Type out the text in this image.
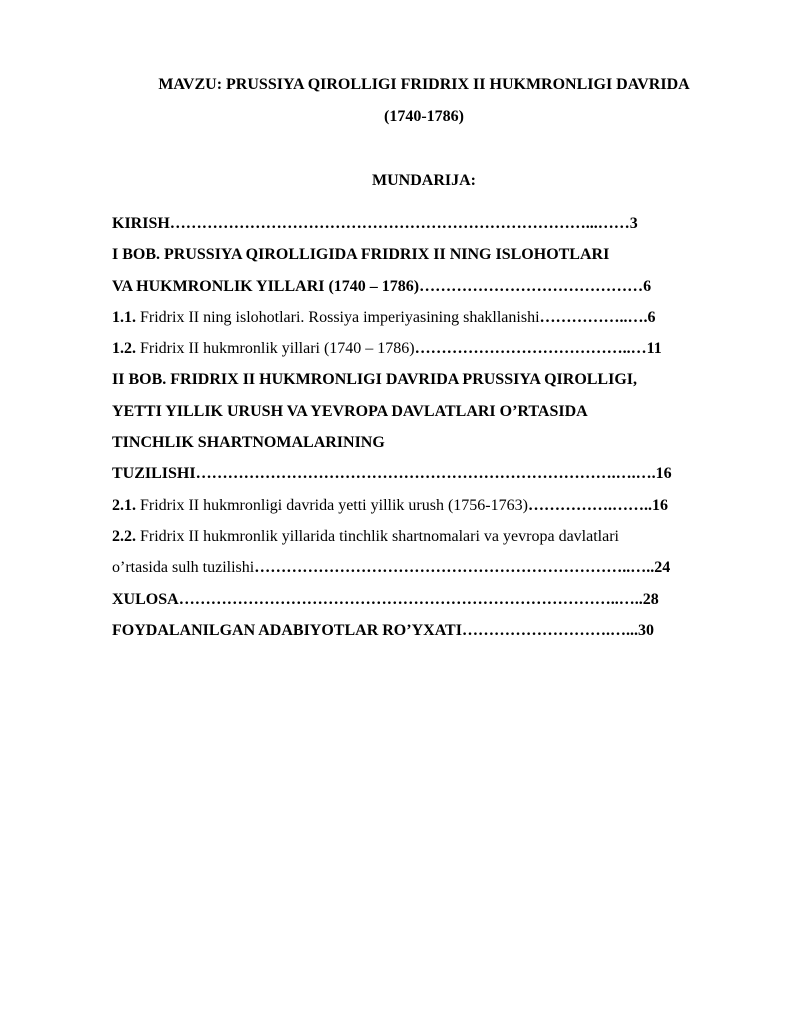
MAVZU: PRUSSIYA QIROLLIGI FRIDRIX II HUKMRONLIGI DAVRIDA
(1740-1786)
MUNDARIJA:
KIRISH……………………………………………………………………...……3
I BOB. PRUSSIYA QIROLLIGIDA FRIDRIX II NING ISLOHOTLARI
VA HUKMRONLIK YILLARI (1740 – 1786)……………………………………6
1.1. Fridrix II ning islohotlari. Rossiya imperiyasining shakllanishi……………..….6
1.2. Fridrix II hukmronlik yillari (1740 – 1786)…………………………………..…11
II BOB. FRIDRIX II HUKMRONLIGI DAVRIDA PRUSSIYA QIROLLIGI,
YETTI YILLIK URUSH VA YEVROPA DAVLATLARI O’RTASIDA
TINCHLIK SHARTNOMALARINING
TUZILISHI…………………………………………………………………….….….16
2.1. Fridrix II hukmronligi davrida yetti yillik urush (1756-1763)…………….……..16
2.2. Fridrix II hukmronlik yillarida tinchlik shartnomalari va yevropa davlatlari
o’rtasida sulh tuzilishi……………………………………………………………..…..24
XULOSA………………………………………………………………………..…..28
FOYDALANILGAN ADABIYOTLAR RO’YXATI……………………….…...30
